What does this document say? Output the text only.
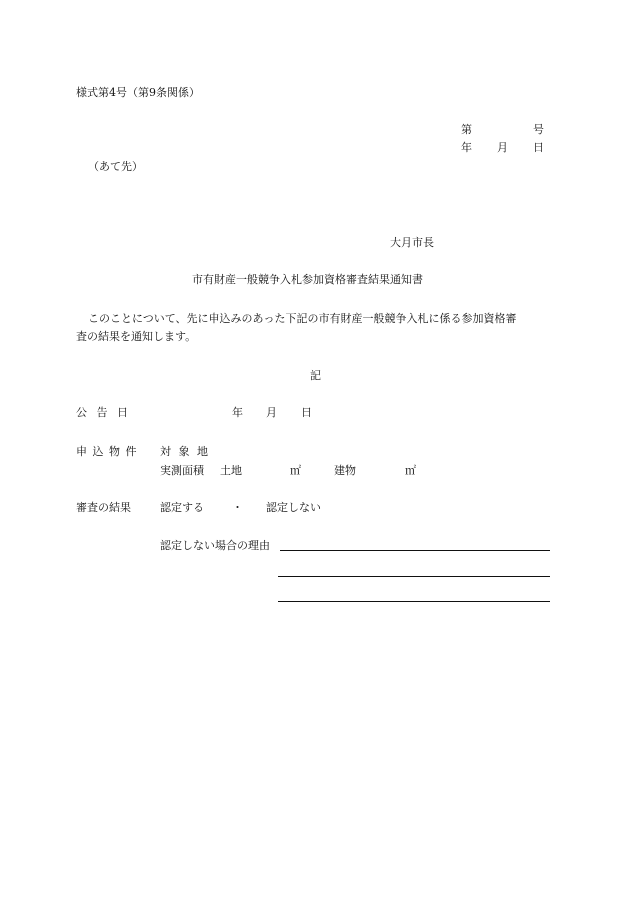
様式第4号（第9条関係）
第	号
年 月 日
（あて先）
大月市長
市有財産一般競争入札参加資格審査結果通知書
このことについて、先に申込みのあった下記の市有財産一般競争入札に係る参加資格審
査の結果を通知します。
記
公 告 日	年 月 日
申 込 物 件 対 象 地
実測面積 土地	㎡	建物	㎡
審査の結果	認定する	・ 認定しない
認定しない場合の理由
